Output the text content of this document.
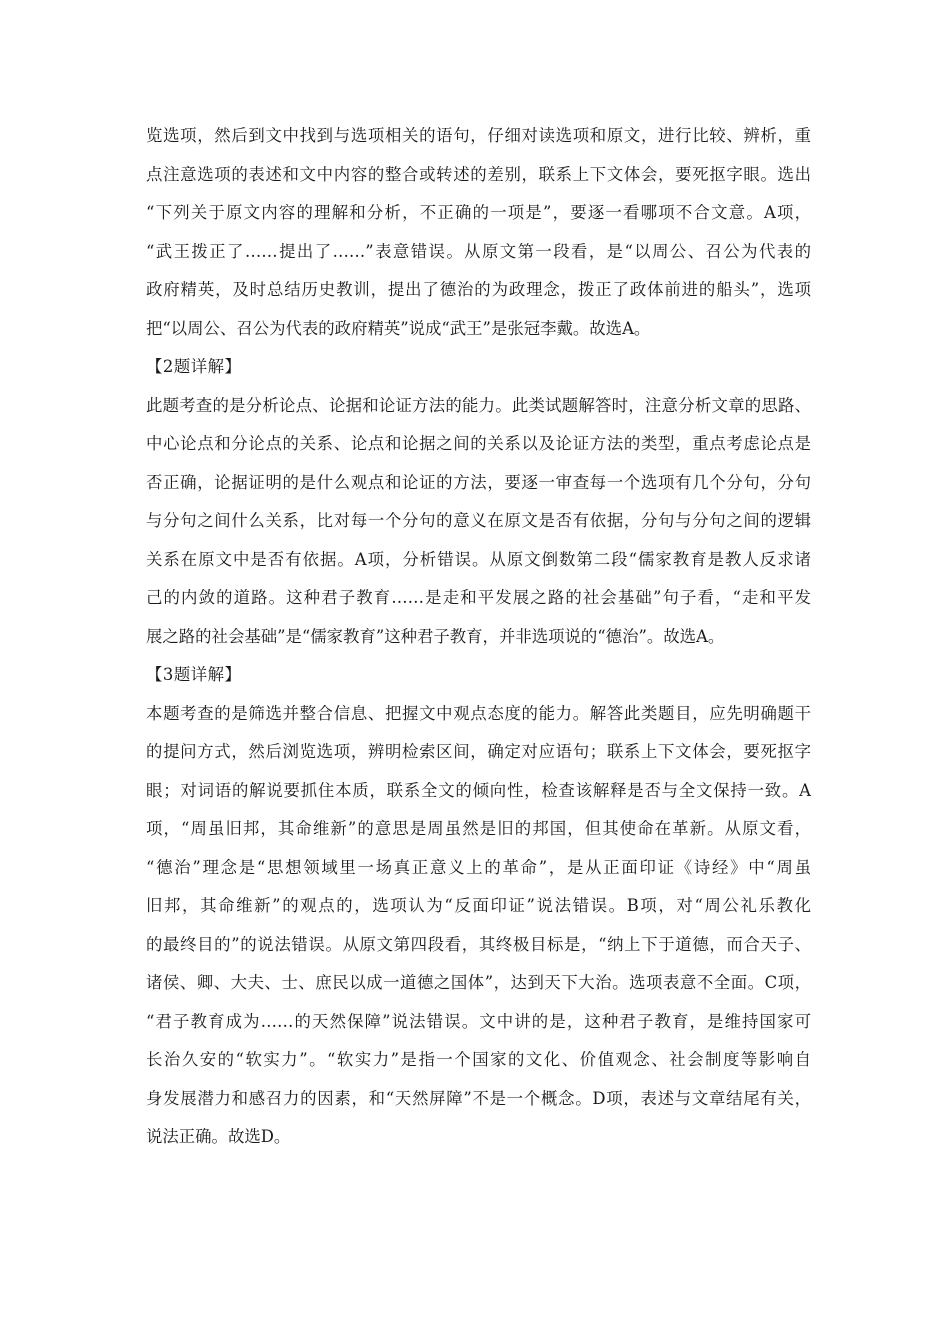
览选项，然后到文中找到与选项相关的语句，仔细对读选项和原文，进行比较、辨析，重
点注意选项的表述和文中内容的整合或转述的差别，联系上下文体会，要死抠字眼。选出
“下列关于原文内容的理解和分析，不正确的一项是”，要逐一看哪项不合文意。A项，
“武王拨正了……提出了……”表意错误。从原文第一段看，是“以周公、召公为代表的
政府精英，及时总结历史教训，提出了德治的为政理念，拨正了政体前进的船头”，选项
把“以周公、召公为代表的政府精英”说成“武王”是张冠李戴。故选A。
【2题详解】
此题考查的是分析论点、论据和论证方法的能力。此类试题解答时，注意分析文章的思路、
中心论点和分论点的关系、论点和论据之间的关系以及论证方法的类型，重点考虑论点是
否正确，论据证明的是什么观点和论证的方法，要逐一审查每一个选项有几个分句，分句
与分句之间什么关系，比对每一个分句的意义在原文是否有依据，分句与分句之间的逻辑
关系在原文中是否有依据。A项，分析错误。从原文倒数第二段“儒家教育是教人反求诸
己的内敛的道路。这种君子教育……是走和平发展之路的社会基础”句子看，“走和平发
展之路的社会基础”是“儒家教育”这种君子教育，并非选项说的“德治”。故选A。
【3题详解】
本题考查的是筛选并整合信息、把握文中观点态度的能力。解答此类题目，应先明确题干
的提问方式，然后浏览选项，辨明检索区间，确定对应语句；联系上下文体会，要死抠字
眼；对词语的解说要抓住本质，联系全文的倾向性，检查该解释是否与全文保持一致。A
项，“周虽旧邦，其命维新”的意思是周虽然是旧的邦国，但其使命在革新。从原文看，
“德治”理念是“思想领域里一场真正意义上的革命”，是从正面印证《诗经》中“周虽
旧邦，其命维新”的观点的，选项认为“反面印证”说法错误。B项，对“周公礼乐教化
的最终目的”的说法错误。从原文第四段看，其终极目标是，“纳上下于道德，而合天子、
诸侯、卿、大夫、士、庶民以成一道德之国体”，达到天下大治。选项表意不全面。C项，
“君子教育成为……的天然保障”说法错误。文中讲的是，这种君子教育，是维持国家可
长治久安的“软实力”。“软实力”是指一个国家的文化、价值观念、社会制度等影响自
身发展潜力和感召力的因素，和“天然屏障”不是一个概念。D项，表述与文章结尾有关，
说法正确。故选D。
